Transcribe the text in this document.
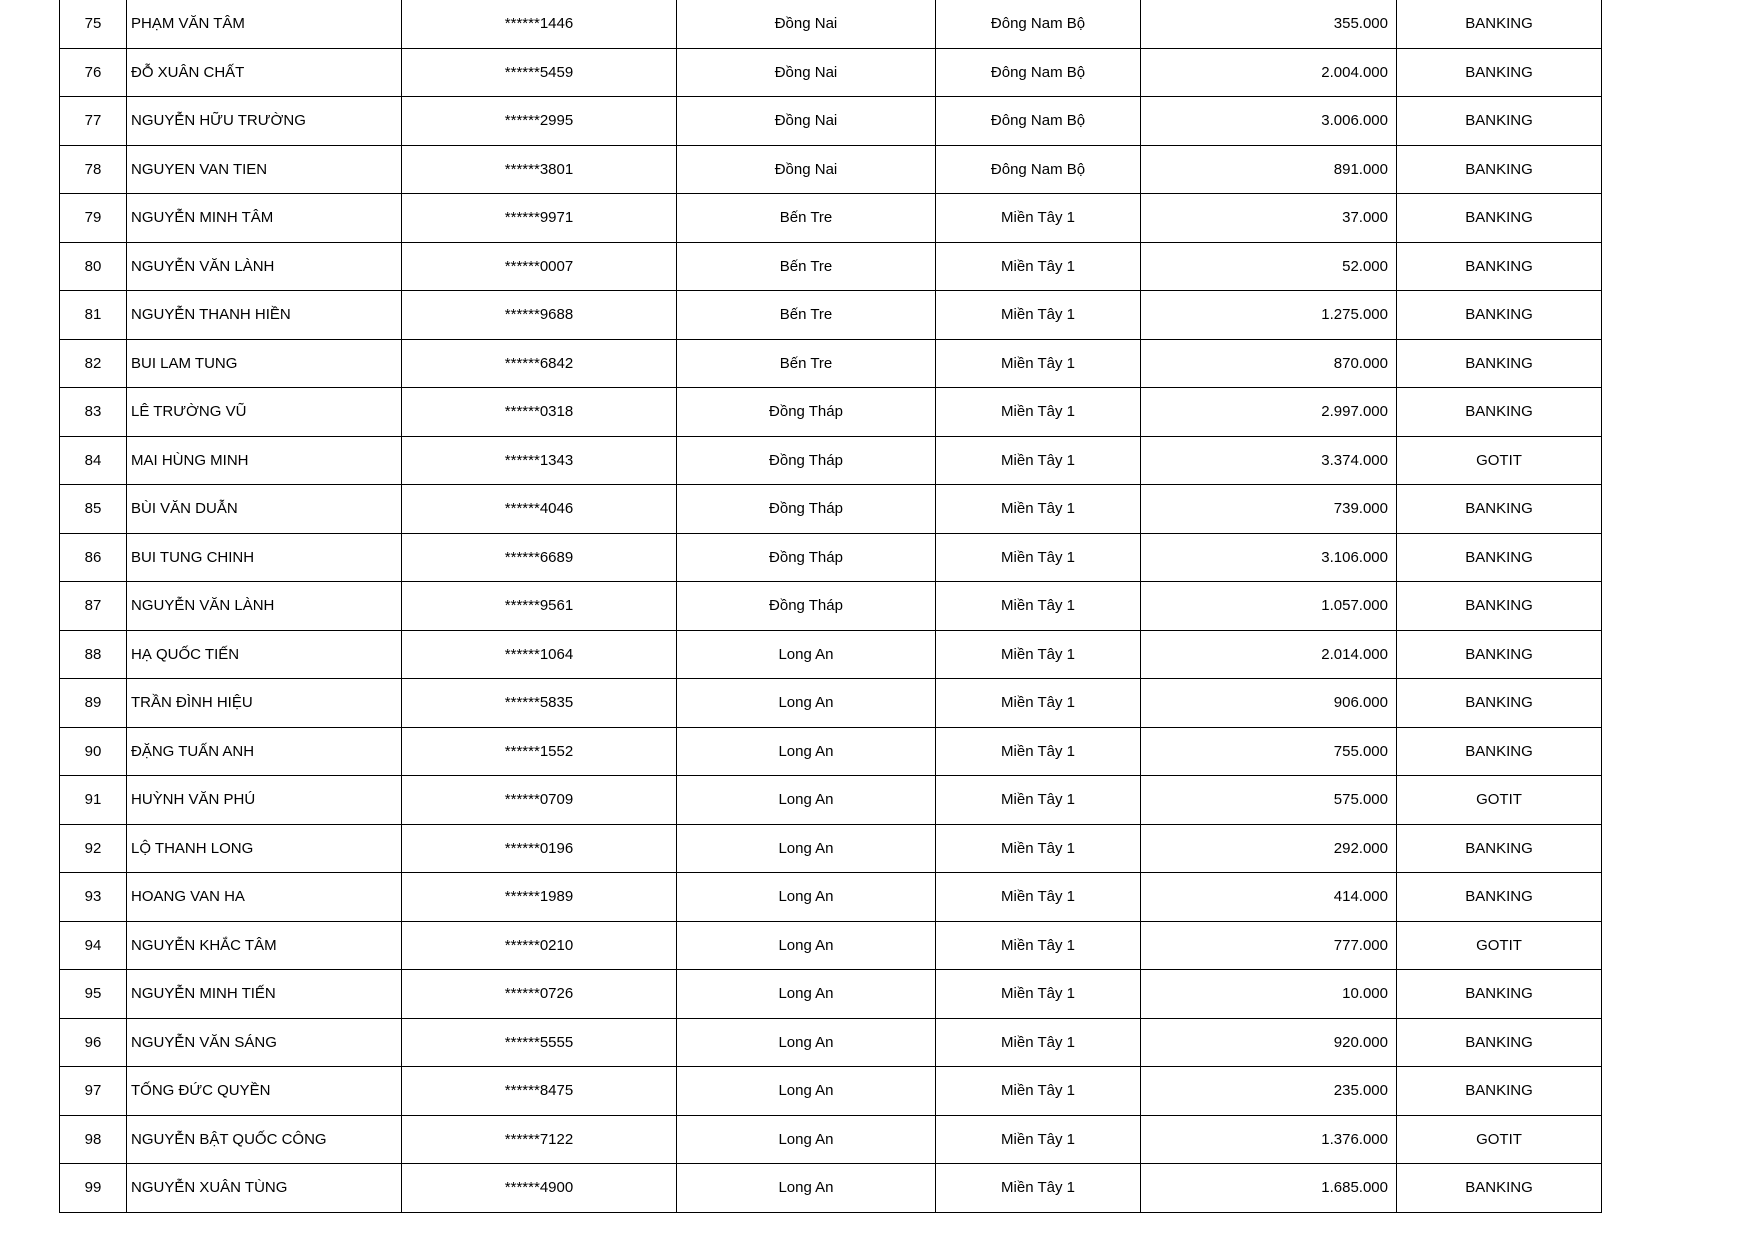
75	PHẠM VĂN TÂM	******1446	Đồng Nai	Đông Nam Bộ	355.000	BANKING
76	ĐỖ XUÂN CHẤT	******5459	Đồng Nai	Đông Nam Bộ	2.004.000	BANKING
77	NGUYỄN HỮU TRƯỜNG	******2995	Đồng Nai	Đông Nam Bộ	3.006.000	BANKING
78	NGUYEN VAN TIEN	******3801	Đồng Nai	Đông Nam Bộ	891.000	BANKING
79	NGUYỄN MINH TÂM	******9971	Bến Tre	Miền Tây 1	37.000	BANKING
80	NGUYỄN VĂN LÀNH	******0007	Bến Tre	Miền Tây 1	52.000	BANKING
81	NGUYỄN THANH HIỀN	******9688	Bến Tre	Miền Tây 1	1.275.000	BANKING
82	BUI LAM TUNG	******6842	Bến Tre	Miền Tây 1	870.000	BANKING
83	LÊ TRƯỜNG VŨ	******0318	Đồng Tháp	Miền Tây 1	2.997.000	BANKING
84	MAI HÙNG MINH	******1343	Đồng Tháp	Miền Tây 1	3.374.000	GOTIT
85	BÙI VĂN DUẪN	******4046	Đồng Tháp	Miền Tây 1	739.000	BANKING
86	BUI TUNG CHINH	******6689	Đồng Tháp	Miền Tây 1	3.106.000	BANKING
87	NGUYỄN VĂN LÀNH	******9561	Đồng Tháp	Miền Tây 1	1.057.000	BANKING
88	HẠ QUỐC TIẾN	******1064	Long An	Miền Tây 1	2.014.000	BANKING
89	TRẦN ĐÌNH HIỆU	******5835	Long An	Miền Tây 1	906.000	BANKING
90	ĐẶNG TUẤN ANH	******1552	Long An	Miền Tây 1	755.000	BANKING
91	HUỲNH VĂN PHÚ	******0709	Long An	Miền Tây 1	575.000	GOTIT
92	LỘ THANH LONG	******0196	Long An	Miền Tây 1	292.000	BANKING
93	HOANG VAN HA	******1989	Long An	Miền Tây 1	414.000	BANKING
94	NGUYỄN KHẮC TÂM	******0210	Long An	Miền Tây 1	777.000	GOTIT
95	NGUYỄN MINH TIẾN	******0726	Long An	Miền Tây 1	10.000	BANKING
96	NGUYỄN VĂN SÁNG	******5555	Long An	Miền Tây 1	920.000	BANKING
97	TỐNG ĐỨC QUYỀN	******8475	Long An	Miền Tây 1	235.000	BANKING
98	NGUYỄN BẬT QUỐC CÔNG	******7122	Long An	Miền Tây 1	1.376.000	GOTIT
99	NGUYỄN XUÂN TÙNG	******4900	Long An	Miền Tây 1	1.685.000	BANKING
